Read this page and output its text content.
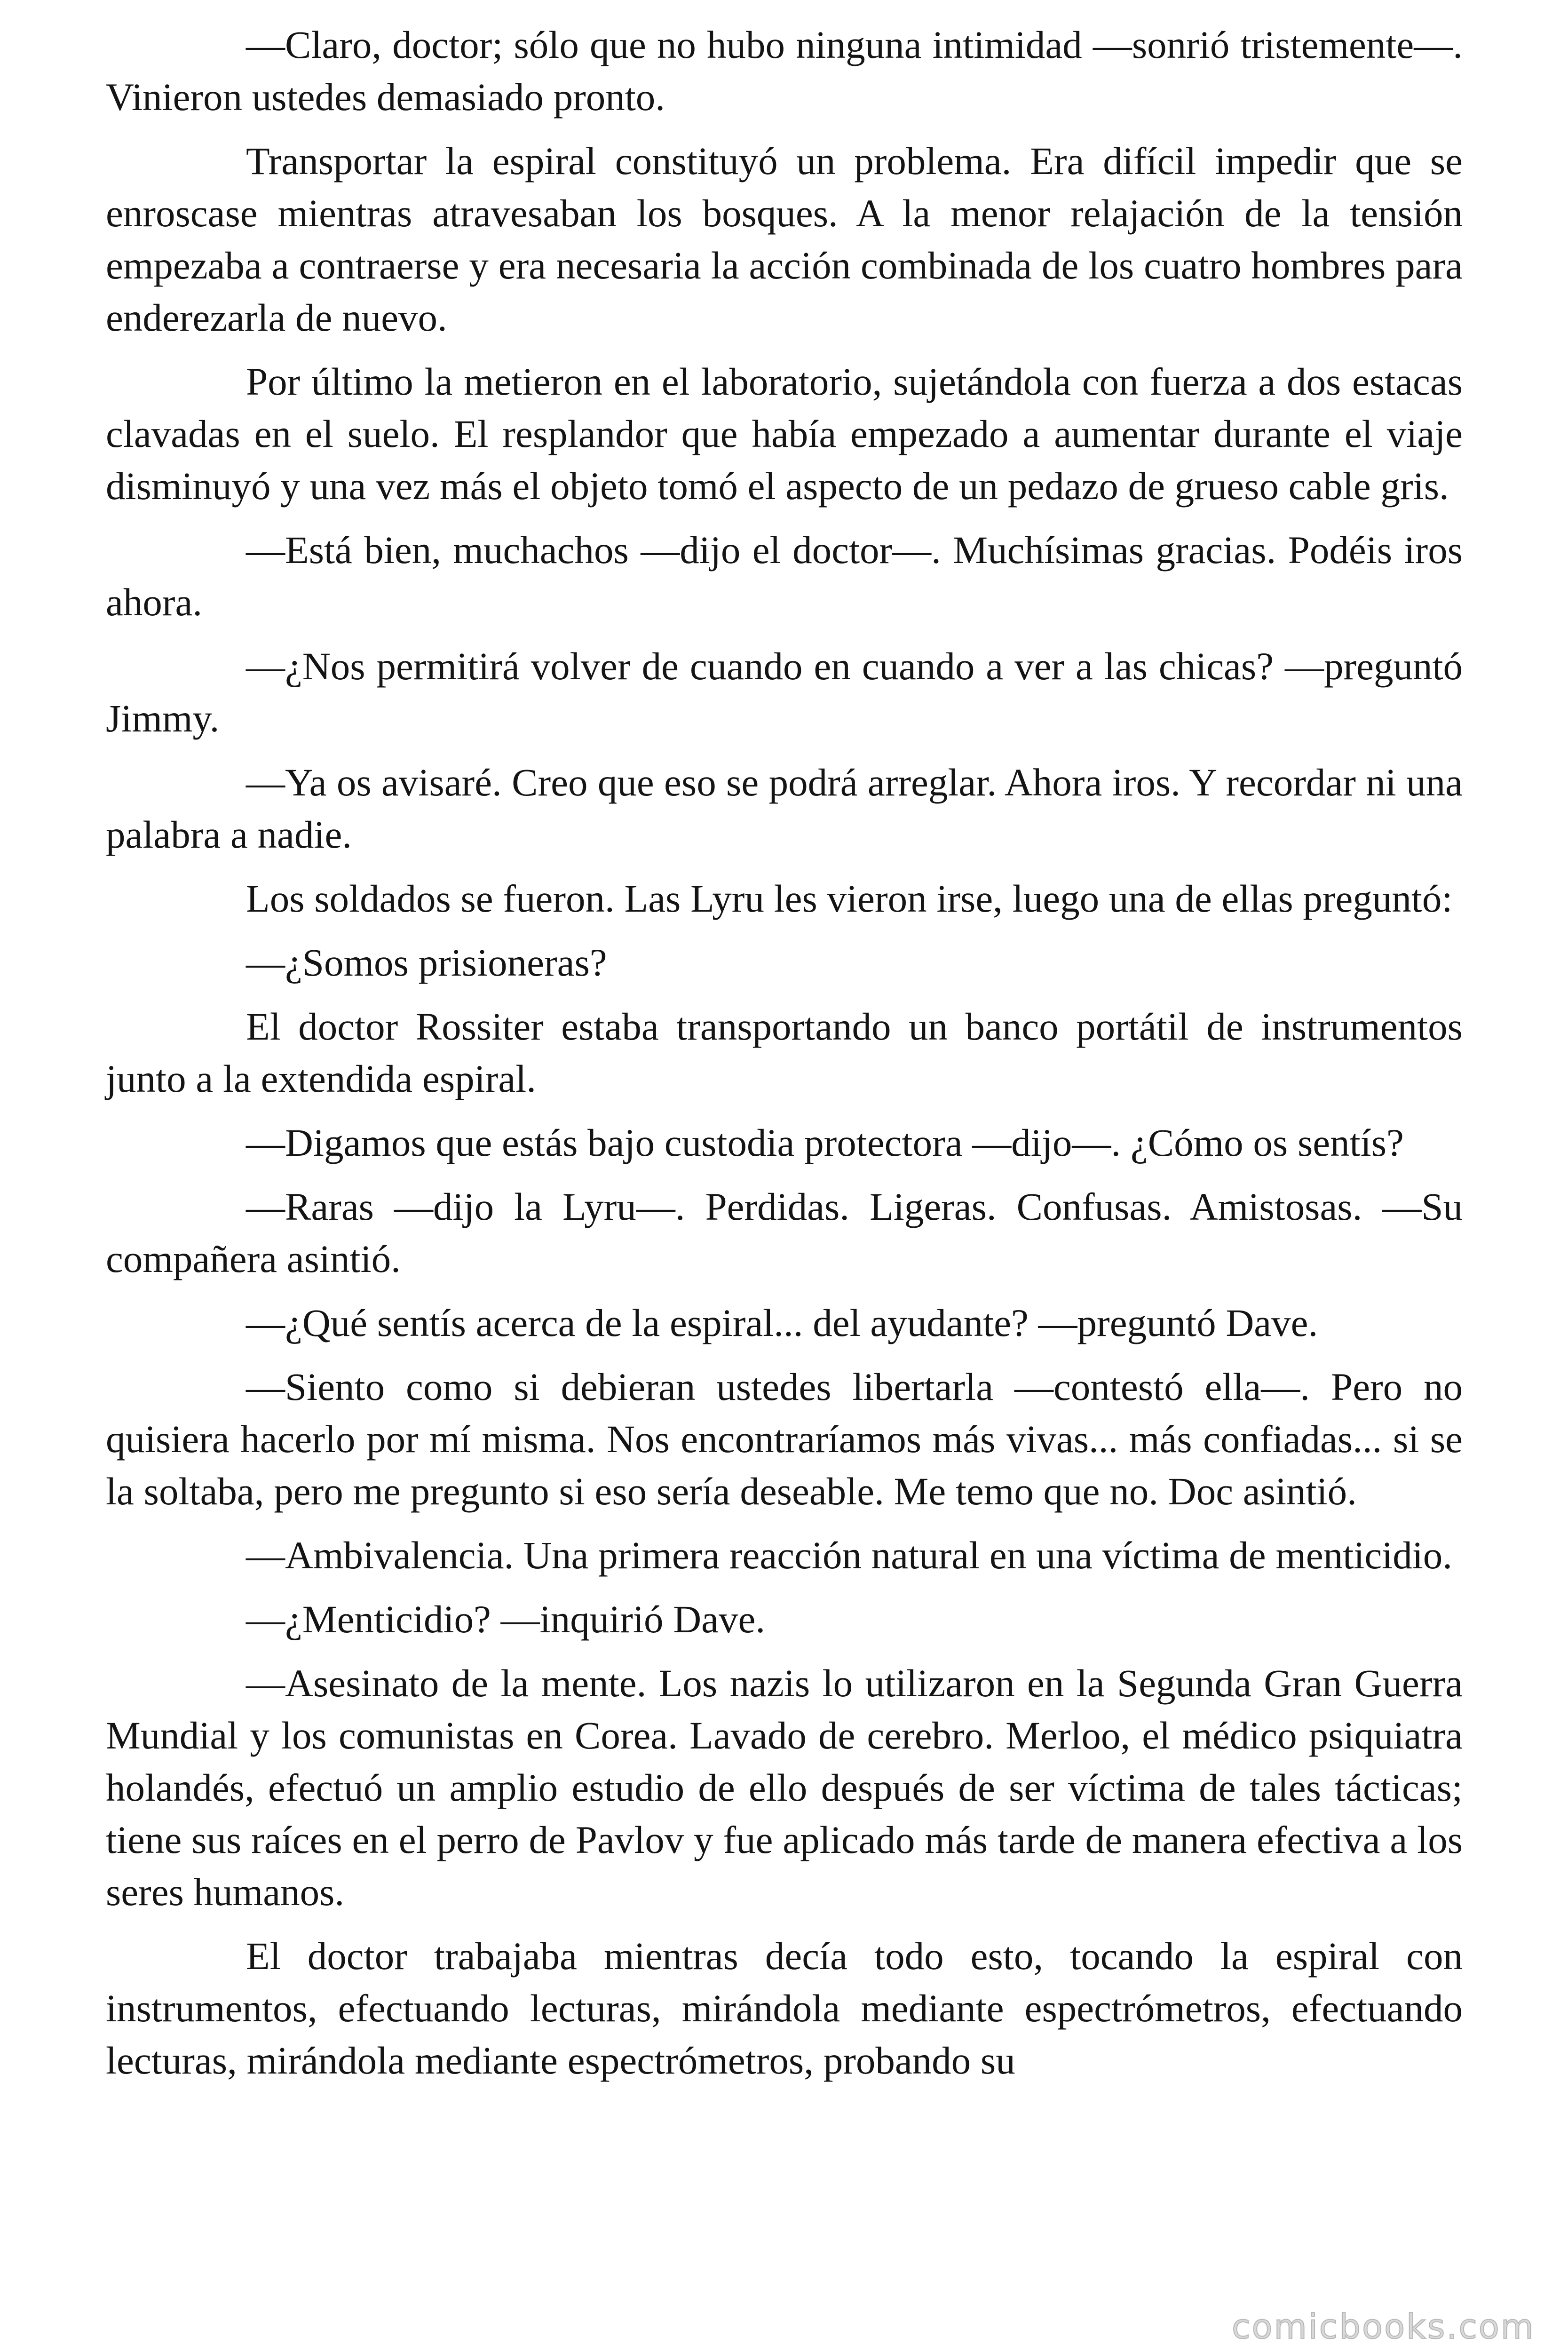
—Claro, doctor; sólo que no hubo ninguna intimidad —sonrió tristemente—. Vinieron ustedes demasiado pronto.

Transportar la espiral constituyó un problema. Era difícil impedir que se enroscase mientras atravesaban los bosques. A la menor relajación de la tensión empezaba a contraerse y era necesaria la acción combinada de los cuatro hombres para enderezarla de nuevo.

Por último la metieron en el laboratorio, sujetándola con fuerza a dos estacas clavadas en el suelo. El resplandor que había empezado a aumentar durante el viaje disminuyó y una vez más el objeto tomó el aspecto de un pedazo de grueso cable gris.

—Está bien, muchachos —dijo el doctor—. Muchísimas gracias. Podéis iros ahora.

—¿Nos permitirá volver de cuando en cuando a ver a las chicas? —preguntó Jimmy.

—Ya os avisaré. Creo que eso se podrá arreglar. Ahora iros. Y recordar ni una palabra a nadie.

Los soldados se fueron. Las Lyru les vieron irse, luego una de ellas preguntó:

—¿Somos prisioneras?

El doctor Rossiter estaba transportando un banco portátil de instrumentos junto a la extendida espiral.

—Digamos que estás bajo custodia protectora —dijo—. ¿Cómo os sentís?

—Raras —dijo la Lyru—. Perdidas. Ligeras. Confusas. Amistosas. —Su compañera asintió.

—¿Qué sentís acerca de la espiral... del ayudante? —preguntó Dave.

—Siento como si debieran ustedes libertarla —contestó ella—. Pero no quisiera hacerlo por mí misma. Nos encontraríamos más vivas... más confiadas... si se la soltaba, pero me pregunto si eso sería deseable. Me temo que no. Doc asintió.

—Ambivalencia. Una primera reacción natural en una víctima de menticidio.

—¿Menticidio? —inquirió Dave.

—Asesinato de la mente. Los nazis lo utilizaron en la Segunda Gran Guerra Mundial y los comunistas en Corea. Lavado de cerebro. Merloo, el médico psiquiatra holandés, efectuó un amplio estudio de ello después de ser víctima de tales tácticas; tiene sus raíces en el perro de Pavlov y fue aplicado más tarde de manera efectiva a los seres humanos.

El doctor trabajaba mientras decía todo esto, tocando la espiral con instrumentos, efectuando lecturas, mirándola mediante espectrómetros, efectuando lecturas, mirándola mediante espectrómetros, probando su

comicbooks.com
